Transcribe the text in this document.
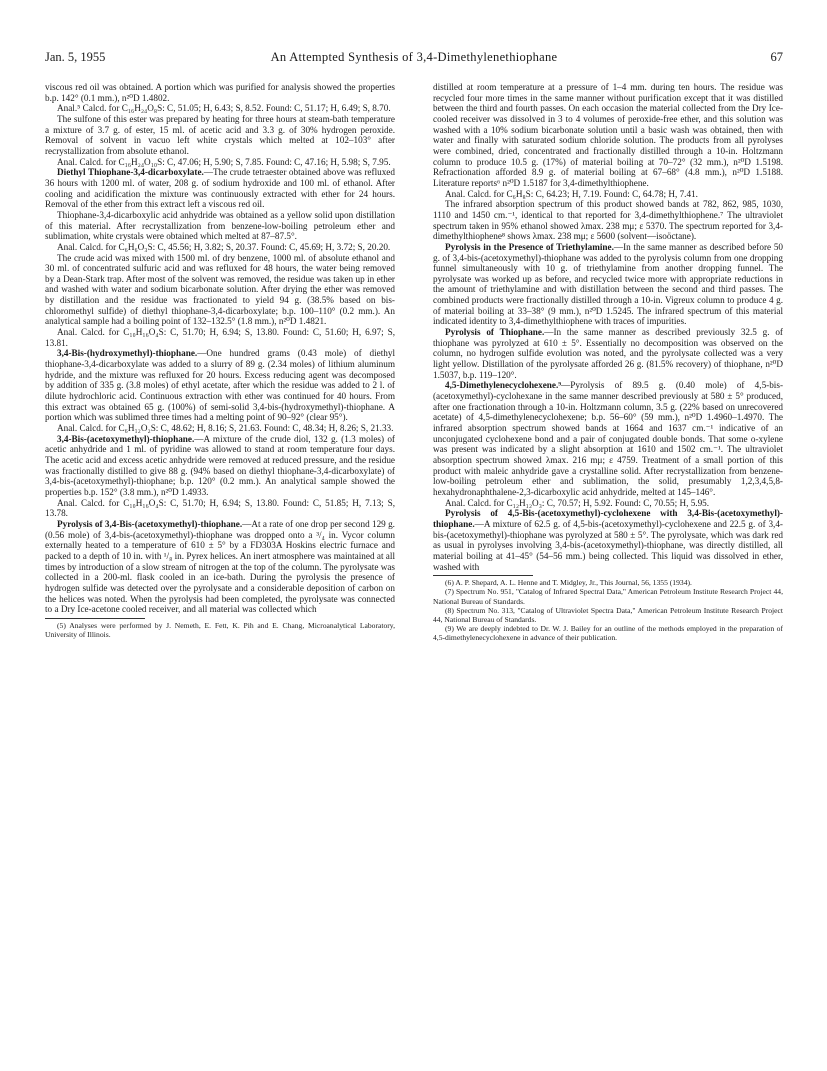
Jan. 5, 1955	An Attempted Synthesis of 3,4-Dimethylenethiophane	67

viscous red oil was obtained. A portion which was purified for analysis showed the properties b.p. 142° (0.1 mm.), n²⁰D 1.4802.

Anal.⁵ Calcd. for C₁₆H₂₄O₈S: C, 51.05; H, 6.43; S, 8.52. Found: C, 51.17; H, 6.49; S, 8.70.

The sulfone of this ester was prepared by heating for three hours at steam-bath temperature a mixture of 3.7 g. of ester, 15 ml. of acetic acid and 3.3 g. of 30% hydrogen peroxide. Removal of solvent in vacuo left white crystals which melted at 102–103° after recrystallization from absolute ethanol.

Anal. Calcd. for C₁₆H₂₄O₁₀S: C, 47.06; H, 5.90; S, 7.85. Found: C, 47.16; H, 5.98; S, 7.95.

Diethyl Thiophane-3,4-dicarboxylate.—The crude tetraester obtained above was refluxed 36 hours with 1200 ml. of water, 208 g. of sodium hydroxide and 100 ml. of ethanol. After cooling and acidification the mixture was continuously extracted with ether for 24 hours. Removal of the ether from this extract left a viscous red oil.

Thiophane-3,4-dicarboxylic acid anhydride was obtained as a yellow solid upon distillation of this material. After recrystallization from benzene-low-boiling petroleum ether and sublimation, white crystals were obtained which melted at 87–87.5°.

Anal. Calcd. for C₆H₆O₃S: C, 45.56; H, 3.82; S, 20.37. Found: C, 45.69; H, 3.72; S, 20.20.

The crude acid was mixed with 1500 ml. of dry benzene, 1000 ml. of absolute ethanol and 30 ml. of concentrated sulfuric acid and was refluxed for 48 hours, the water being removed by a Dean-Stark trap. After most of the solvent was removed, the residue was taken up in ether and washed with water and sodium bicarbonate solution. After drying the ether was removed by distillation and the residue was fractionated to yield 94 g. (38.5% based on bis-chloromethyl sulfide) of diethyl thiophane-3,4-dicarboxylate; b.p. 100–110° (0.2 mm.). An analytical sample had a boiling point of 132–132.5° (1.8 mm.), n²⁰D 1.4821.

Anal. Calcd. for C₁₀H₁₆O₄S: C, 51.70; H, 6.94; S, 13.80. Found: C, 51.60; H, 6.97; S, 13.81.

3,4-Bis-(hydroxymethyl)-thiophane.—One hundred grams (0.43 mole) of diethyl thiophane-3,4-dicarboxylate was added to a slurry of 89 g. (2.34 moles) of lithium aluminum hydride, and the mixture was refluxed for 20 hours. Excess reducing agent was decomposed by addition of 335 g. (3.8 moles) of ethyl acetate, after which the residue was added to 2 l. of dilute hydrochloric acid. Continuous extraction with ether was continued for 40 hours. From this extract was obtained 65 g. (100%) of semi-solid 3,4-bis-(hydroxymethyl)-thiophane. A portion which was sublimed three times had a melting point of 90–92° (clear 95°).

Anal. Calcd. for C₆H₁₂O₂S: C, 48.62; H, 8.16; S, 21.63. Found: C, 48.34; H, 8.26; S, 21.33.

3,4-Bis-(acetoxymethyl)-thiophane.—A mixture of the crude diol, 132 g. (1.3 moles) of acetic anhydride and 1 ml. of pyridine was allowed to stand at room temperature four days. The acetic acid and excess acetic anhydride were removed at reduced pressure, and the residue was fractionally distilled to give 88 g. (94% based on diethyl thiophane-3,4-dicarboxylate) of 3,4-bis-(acetoxymethyl)-thiophane; b.p. 120° (0.2 mm.). An analytical sample showed the properties b.p. 152° (3.8 mm.), n²⁰D 1.4933.

Anal. Calcd. for C₁₀H₁₆O₄S: C, 51.70; H, 6.94; S, 13.80. Found: C, 51.85; H, 7.13; S, 13.78.

Pyrolysis of 3,4-Bis-(acetoxymethyl)-thiophane.—At a rate of one drop per second 129 g. (0.56 mole) of 3,4-bis-(acetoxymethyl)-thiophane was dropped onto a ³/₄ in. Vycor column externally heated to a temperature of 610 ± 5° by a FD303A Hoskins electric furnace and packed to a depth of 10 in. with ¹/₈ in. Pyrex helices. An inert atmosphere was maintained at all times by introduction of a slow stream of nitrogen at the top of the column. The pyrolysate was collected in a 200-ml. flask cooled in an ice-bath. During the pyrolysis the presence of hydrogen sulfide was detected over the pyrolysate and a considerable deposition of carbon on the helices was noted. When the pyrolysis had been completed, the pyrolysate was connected to a Dry Ice-acetone cooled receiver, and all material was collected which

(5) Analyses were performed by J. Nemeth, E. Fett, K. Pih and E. Chang, Microanalytical Laboratory, University of Illinois.

distilled at room temperature at a pressure of 1–4 mm. during ten hours. The residue was recycled four more times in the same manner without purification except that it was distilled between the third and fourth passes. On each occasion the material collected from the Dry Ice-cooled receiver was dissolved in 3 to 4 volumes of peroxide-free ether, and this solution was washed with a 10% sodium bicarbonate solution until a basic wash was obtained, then with water and finally with saturated sodium chloride solution. The products from all pyrolyses were combined, dried, concentrated and fractionally distilled through a 10-in. Holtzmann column to produce 10.5 g. (17%) of material boiling at 70–72° (32 mm.), n²⁰D 1.5198. Refractionation afforded 8.9 g. of material boiling at 67–68° (4.8 mm.), n²⁰D 1.5188. Literature reports⁶ n²⁰D 1.5187 for 3,4-dimethylthiophene.

Anal. Calcd. for C₆H₈S: C, 64.23; H, 7.19. Found: C, 64.78; H, 7.41.

The infrared absorption spectrum of this product showed bands at 782, 862, 985, 1030, 1110 and 1450 cm.⁻¹, identical to that reported for 3,4-dimethylthiophene.⁷ The ultraviolet spectrum taken in 95% ethanol showed λmax. 238 mμ; ε 5370. The spectrum reported for 3,4-dimethylthiophene⁸ shows λmax. 238 mμ; ε 5600 (solvent—isoöctane).

Pyrolysis in the Presence of Triethylamine.—In the same manner as described before 50 g. of 3,4-bis-(acetoxymethyl)-thiophane was added to the pyrolysis column from one dropping funnel simultaneously with 10 g. of triethylamine from another dropping funnel. The pyrolysate was worked up as before, and recycled twice more with appropriate reductions in the amount of triethylamine and with distillation between the second and third passes. The combined products were fractionally distilled through a 10-in. Vigreux column to produce 4 g. of material boiling at 33–38° (9 mm.), n²⁰D 1.5245. The infrared spectrum of this material indicated identity to 3,4-dimethylthiophene with traces of impurities.

Pyrolysis of Thiophane.—In the same manner as described previously 32.5 g. of thiophane was pyrolyzed at 610 ± 5°. Essentially no decomposition was observed on the column, no hydrogen sulfide evolution was noted, and the pyrolysate collected was a very light yellow. Distillation of the pyrolysate afforded 26 g. (81.5% recovery) of thiophane, n²⁰D 1.5037, b.p. 119–120°.

4,5-Dimethylenecyclohexene.⁹—Pyrolysis of 89.5 g. (0.40 mole) of 4,5-bis-(acetoxymethyl)-cyclohexane in the same manner described previously at 580 ± 5° produced, after one fractionation through a 10-in. Holtzmann column, 3.5 g. (22% based on unrecovered acetate) of 4,5-dimethylenecyclohexene; b.p. 56–60° (59 mm.), n²⁰D 1.4960–1.4970. The infrared absorption spectrum showed bands at 1664 and 1637 cm.⁻¹ indicative of an unconjugated cyclohexene bond and a pair of conjugated double bonds. That some o-xylene was present was indicated by a slight absorption at 1610 and 1502 cm.⁻¹. The ultraviolet absorption spectrum showed λmax. 216 mμ; ε 4759. Treatment of a small portion of this product with maleic anhydride gave a crystalline solid. After recrystallization from benzene-low-boiling petroleum ether and sublimation, the solid, presumably 1,2,3,4,5,8-hexahydronaphthalene-2,3-dicarboxylic acid anhydride, melted at 145–146°.

Anal. Calcd. for C₁₂H₁₂O₃: C, 70.57; H, 5.92. Found: C, 70.55; H, 5.95.

Pyrolysis of 4,5-Bis-(acetoxymethyl)-cyclohexene with 3,4-Bis-(acetoxymethyl)-thiophane.—A mixture of 62.5 g. of 4,5-bis-(acetoxymethyl)-cyclohexene and 22.5 g. of 3,4-bis-(acetoxymethyl)-thiophane was pyrolyzed at 580 ± 5°. The pyrolysate, which was dark red as usual in pyrolyses involving 3,4-bis-(acetoxymethyl)-thiophane, was directly distilled, all material boiling at 41–45° (54–56 mm.) being collected. This liquid was dissolved in ether, washed with

(6) A. P. Shepard, A. L. Henne and T. Midgley, Jr., This Journal, 56, 1355 (1934).

(7) Spectrum No. 951, "Catalog of Infrared Spectral Data," American Petroleum Institute Research Project 44, National Bureau of Standards.

(8) Spectrum No. 313, "Catalog of Ultraviolet Spectra Data," American Petroleum Institute Research Project 44, National Bureau of Standards.

(9) We are deeply indebted to Dr. W. J. Bailey for an outline of the methods employed in the preparation of 4,5-dimethylenecyclohexene in advance of their publication.
